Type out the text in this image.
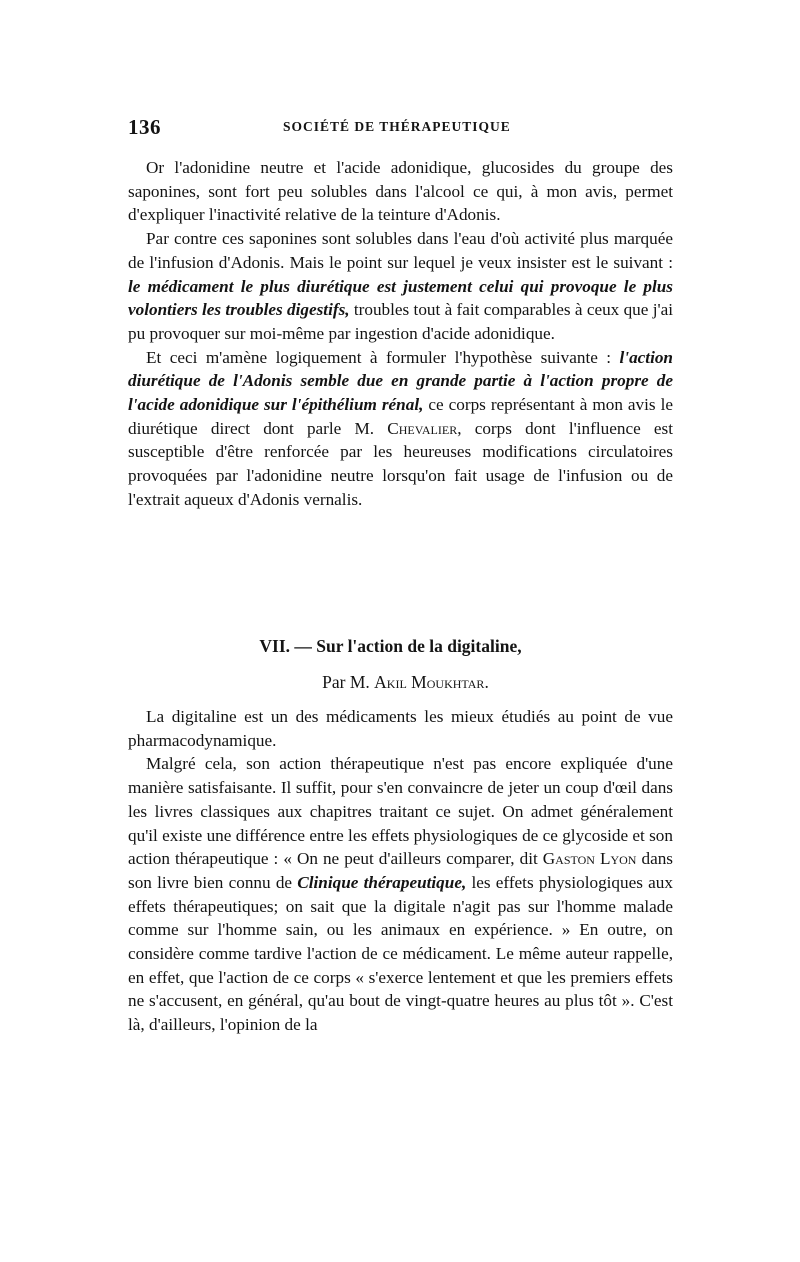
136	SOCIÉTÉ DE THÉRAPEUTIQUE

Or l'adonidine neutre et l'acide adonidique, glucosides du groupe des saponines, sont fort peu solubles dans l'alcool ce qui, à mon avis, permet d'expliquer l'inactivité relative de la teinture d'Adonis.

Par contre ces saponines sont solubles dans l'eau d'où activité plus marquée de l'infusion d'Adonis. Mais le point sur lequel je veux insister est le suivant : le médicament le plus diurétique est justement celui qui provoque le plus volontiers les troubles digestifs, troubles tout à fait comparables à ceux que j'ai pu provoquer sur moi-même par ingestion d'acide adonidique.

Et ceci m'amène logiquement à formuler l'hypothèse suivante : l'action diurétique de l'Adonis semble due en grande partie à l'action propre de l'acide adonidique sur l'épithélium rénal, ce corps représentant à mon avis le diurétique direct dont parle M. Chevalier, corps dont l'influence est susceptible d'être renforcée par les heureuses modifications circulatoires provoquées par l'adonidine neutre lorsqu'on fait usage de l'infusion ou de l'extrait aqueux d'Adonis vernalis.

VII. — Sur l'action de la digitaline,
Par M. Akil Moukhtar.

La digitaline est un des médicaments les mieux étudiés au point de vue pharmacodynamique.

Malgré cela, son action thérapeutique n'est pas encore expliquée d'une manière satisfaisante. Il suffit, pour s'en convaincre de jeter un coup d'œil dans les livres classiques aux chapitres traitant ce sujet. On admet généralement qu'il existe une différence entre les effets physiologiques de ce glycoside et son action thérapeutique : « On ne peut d'ailleurs comparer, dit Gaston Lyon dans son livre bien connu de Clinique thérapeutique, les effets physiologiques aux effets thérapeutiques; on sait que la digitale n'agit pas sur l'homme malade comme sur l'homme sain, ou les animaux en expérience. » En outre, on considère comme tardive l'action de ce médicament. Le même auteur rappelle, en effet, que l'action de ce corps « s'exerce lentement et que les premiers effets ne s'accusent, en général, qu'au bout de vingt-quatre heures au plus tôt ». C'est là, d'ailleurs, l'opinion de la
